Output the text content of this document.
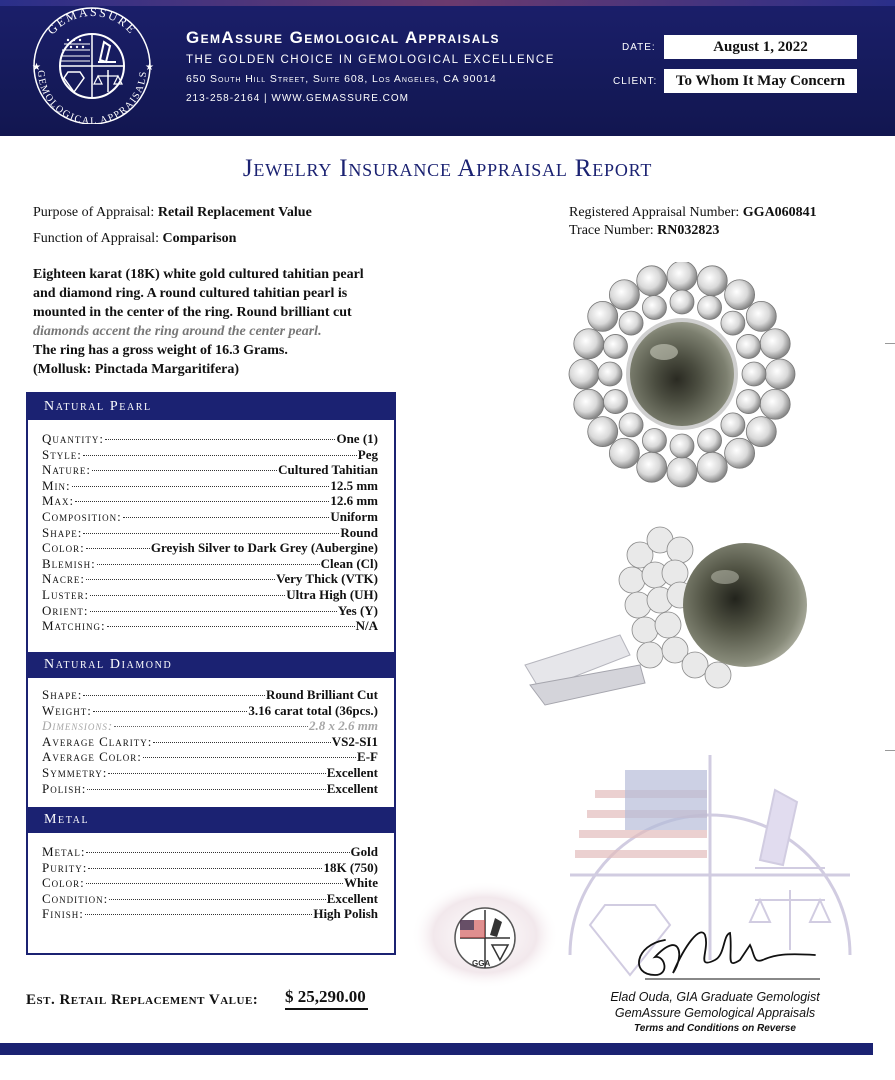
GEMASSURE
GEMOLOGICAL APPRAISALS
★	★
GemAssure Gemological Appraisals
THE GOLDEN CHOICE IN GEMOLOGICAL EXCELLENCE
650 South Hill Street, Suite 608, Los Angeles, CA 90014
213-258-2164 | WWW.GEMASSURE.COM
DATE:	August 1, 2022
CLIENT:	To Whom It May Concern
Jewelry Insurance Appraisal Report
Purpose of Appraisal: Retail Replacement Value
Function of Appraisal: Comparison
Registered Appraisal Number: GGA060841
Trace Number: RN032823

Eighteen karat (18K) white gold cultured tahitian pearl

and diamond ring. A round cultured tahitian pearl is

mounted in the center of the ring. Round brilliant cut

diamonds accent the ring around the center pearl.

The ring has a gross weight of 16.3 Grams.

(Mollusk: Pinctada Margaritifera)

Natural Pearl
Quantity:	One (1)
Style:	Peg
Nature:	Cultured Tahitian
Min:	12.5 mm
Max:	12.6 mm
Composition:	Uniform
Shape:	Round
Color:	Greyish Silver to Dark Grey (Aubergine)
Blemish:	Clean (Cl)
Nacre:	Very Thick (VTK)
Luster:	Ultra High (UH)
Orient:	Yes (Y)
Matching:	N/A
Natural Diamond
Shape:	Round Brilliant Cut
Weight:	3.16 carat total (36pcs.)
Dimensions:	2.8 x 2.6 mm
Average Clarity:	VS2-SI1
Average Color:	E-F
Symmetry:	Excellent
Polish:	Excellent
Metal
Metal:	Gold
Purity:	18K (750)
Color:	White
Condition:	Excellent
Finish:	High Polish
GGA
Elad Ouda, GIA Graduate Gemologist
GemAssure Gemological Appraisals
Terms and Conditions on Reverse
Est. Retail Replacement Value: $ 25,290.00
